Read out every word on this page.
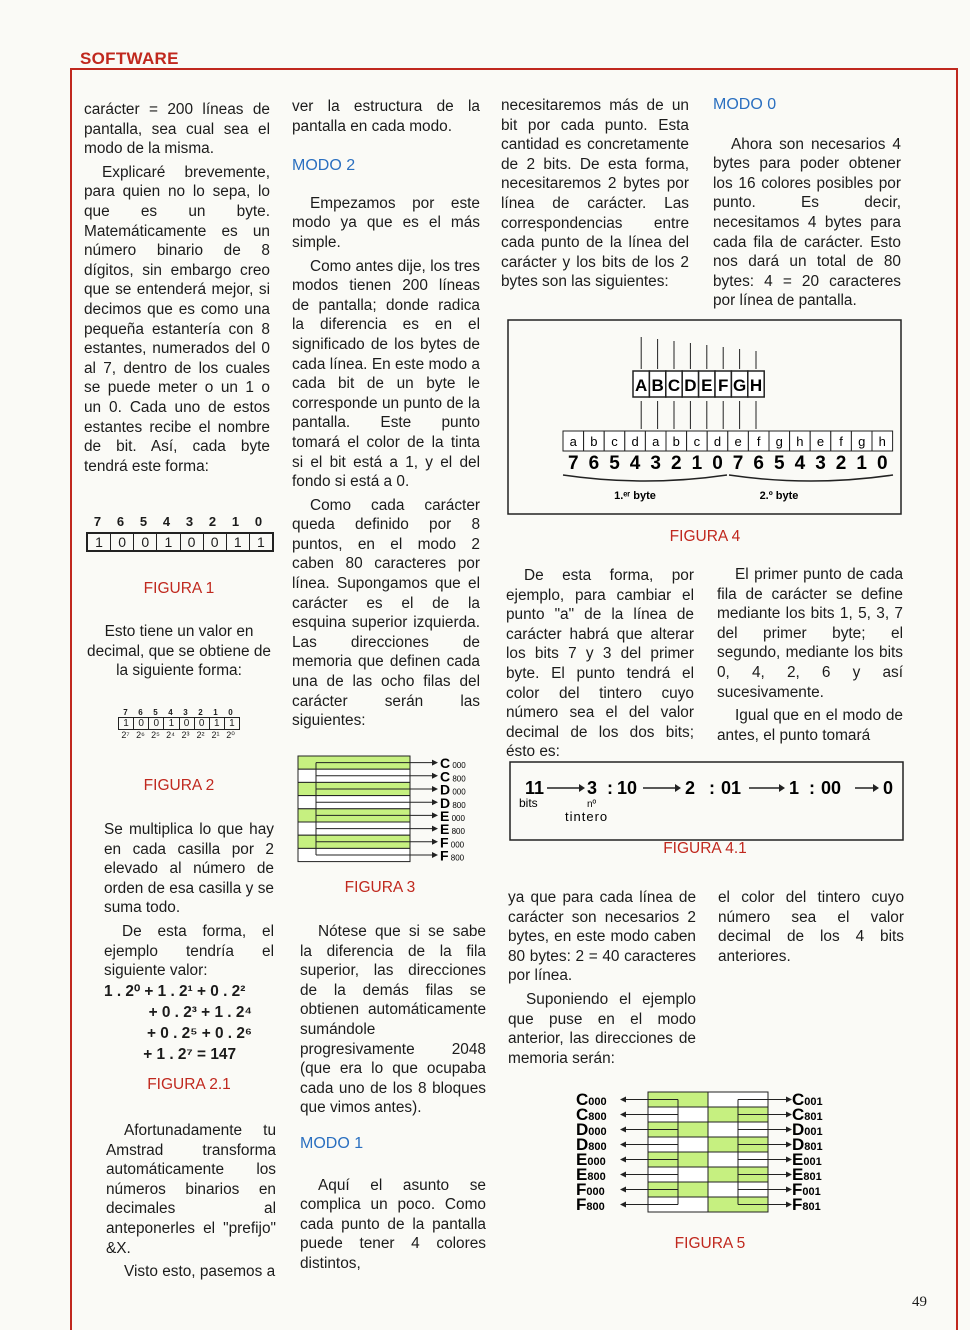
SOFTWARE

carácter = 200 líneas de pantalla, sea cual sea el modo de la misma.

Explicaré brevemente, para quien no lo sepa, lo que es un byte. Matemáticamente es un número binario de 8 dígitos, sin embargo creo que se entenderá mejor, si decimos que es como una pequeña estantería con 8 estantes, numerados del 0 al 7, dentro de los cuales se puede meter o un 1 o un 0. Cada uno de estos estantes recibe el nombre de bit. Así, cada byte tendrá este forma:

7	6	5	4	3	2	1	0
1	0	0	1	0	0	1	1
FIGURA 1

Esto tiene un valor en decimal, que se obtiene de la siguiente forma:

7	6	5	4	3	2	1	0
1 0 0 1 0 0 1 1
2⁷ 2⁶ 2⁵ 2⁴ 2³ 2² 2¹ 2⁰
FIGURA 2

Se multiplica lo que hay en cada casilla por 2 elevado al número de orden de esa casilla y se suma todo.

De esta forma, el ejemplo tendría el siguiente valor:

1 . 2⁰ + 1 . 2¹ + 0 . 2²
+ 0 . 2³ + 1 . 2⁴
+ 0 . 2⁵ + 0 . 2⁶
+ 1 . 2⁷ = 147
FIGURA 2.1

Afortunadamente tu Amstrad transforma automáticamente los números binarios en decimales al anteponerles el "prefijo" &X.

Visto esto, pasemos a

ver la estructura de la pantalla en cada modo.

MODO 2

Empezamos por este modo ya que es el más simple.

Como antes dije, los tres modos tienen 200 líneas de pantalla; donde radica la diferencia es en el significado de los bytes de cada línea. En este modo a cada bit de un byte le corresponde un punto de la pantalla. Este punto tomará el color de la tinta si el bit está a 1, y el del fondo si está a 0.

Como cada carácter queda definido por 8 puntos, en el modo 2 caben 80 caracteres por línea. Supongamos que el carácter es el de la esquina superior izquierda. Las direcciones de memoria que definen cada una de las ocho filas del carácter serán las siguientes:

C 000
C 800
D 000
D 800
E 000
E 800
F 000
F 800
FIGURA 3

Nótese que si se sabe la diferencia de la fila superior, las direcciones de la demás filas se obtienen automáticamente sumándole progresivamente 2048 (que era lo que ocupaba cada uno de los 8 bloques que vimos antes).

MODO 1

Aquí el asunto se complica un poco. Como cada punto de la pantalla puede tener 4 colores distintos,

necesitaremos más de un bit por cada punto. Esta cantidad es concretamente de 2 bits. De esta forma, necesitaremos 2 bytes por línea de carácter. Las correspondencias entre cada punto de la línea del carácter y los bits de los 2 bytes son las siguientes:

MODO 0

Ahora son necesarios 4 bytes para poder obtener los 16 colores posibles por punto. Es decir, necesitamos 4 bytes para cada fila de carácter. Esto nos dará un total de 80 bytes: 4 = 20 caracteres por línea de pantalla.

A B C D E F G H
a b c d a b c d e f g h e f g h
7 6 5 4 3 2 1 0 7 6 5 4 3 2 1 0
1.ᵉʳ byte	2.º byte
FIGURA 4

De esta forma, por ejemplo, para cambiar el punto "a" de la línea de carácter habrá que alterar los bits 7 y 3 del primer byte. El punto tendrá el color del tintero cuyo número sea el del valor decimal de los dos bits; ésto es:

El primer punto de cada fila de carácter se define mediante los bits 1, 5, 3, 7 del primer byte; el segundo, mediante los bits 0, 4, 2, 6 y así sucesivamente.

Igual que en el modo de antes, el punto tomará

11 3 10	2 01	1 00 0
:	:	:
bits	nº
tintero
FIGURA 4.1

ya que para cada línea de carácter son necesarios 2 bytes, en este modo caben 80 bytes: 2 = 40 caracteres por línea.

Suponiendo el ejemplo que puse en el modo anterior, las direcciones de memoria serán:

el color del tintero cuyo número sea el valor decimal de los 4 bits anteriores.

C000	C001
C800	C801
D000	D001
D800	D801
E000	E001
E800	E801
F000	F001
F800	F801
FIGURA 5
49
